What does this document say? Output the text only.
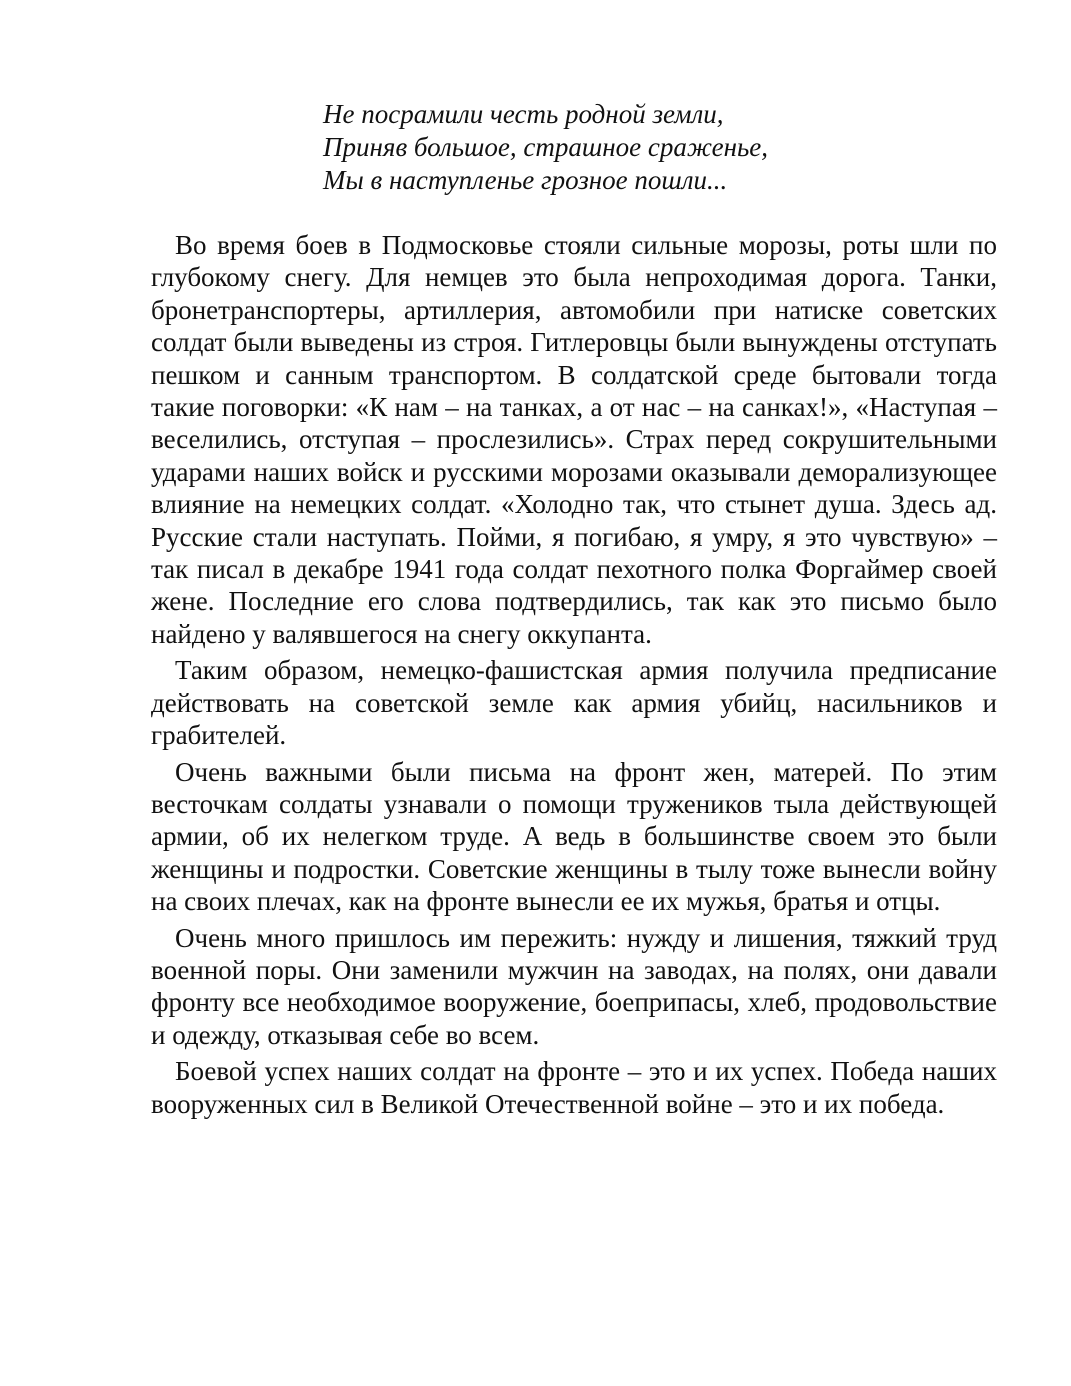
Не посрамили честь родной земли,
Приняв большое, страшное сраженье,
Мы в наступленье грозное пошли...

Во время боев в Подмосковье стояли сильные морозы, роты шли по глубокому снегу. Для немцев это была непроходимая дорога. Танки, бронетранспортеры, артиллерия, автомобили при натиске советских солдат были выведены из строя. Гитлеровцы были вынуждены отступать пешком и санным транспортом. В солдатской среде бытовали тогда такие поговорки: «К нам – на танках, а от нас – на санках!», «Наступая – веселились, отступая – прослезились». Страх перед сокрушительными ударами наших войск и русскими морозами оказывали деморализующее влияние на немецких солдат. «Холодно так, что стынет душа. Здесь ад. Русские стали наступать. Пойми, я погибаю, я умру, я это чувствую» – так писал в декабре 1941 года солдат пехотного полка Форгаймер своей жене. Последние его слова подтвердились, так как это письмо было найдено у валявшегося на снегу оккупанта.

Таким образом, немецко-фашистская армия получила предписание действовать на советской земле как армия убийц, насильников и грабителей.

Очень важными были письма на фронт жен, матерей. По этим весточкам солдаты узнавали о помощи тружеников тыла действующей армии, об их нелегком труде. А ведь в большинстве своем это были женщины и подростки. Советские женщины в тылу тоже вынесли войну на своих плечах, как на фронте вынесли ее их мужья, братья и отцы.

Очень много пришлось им пережить: нужду и лишения, тяжкий труд военной поры. Они заменили мужчин на заводах, на полях, они давали фронту все необходимое вооружение, боеприпасы, хлеб, продовольствие и одежду, отказывая себе во всем.

Боевой успех наших солдат на фронте – это и их успех. Победа наших вооруженных сил в Великой Отечественной войне – это и их победа.
